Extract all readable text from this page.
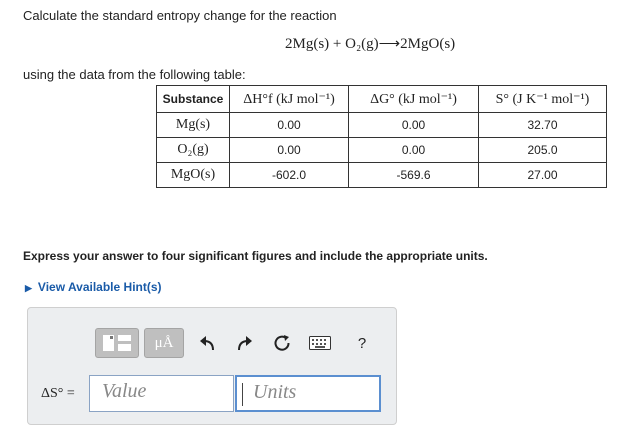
Calculate the standard entropy change for the reaction
2Mg(s) + O₂(g)⟶2MgO(s)
using the data from the following table:
Substance	ΔH°f (kJ mol⁻¹)	ΔG° (kJ mol⁻¹)	S° (J K⁻¹ mol⁻¹)
Mg(s)	0.00	0.00	32.70
O₂(g)	0.00	0.00	205.0
MgO(s)	-602.0	-569.6	27.00
Express your answer to four significant figures and include the appropriate units.
▶ View Available Hint(s)
μÅ	?
ΔS° =	Value	Units
